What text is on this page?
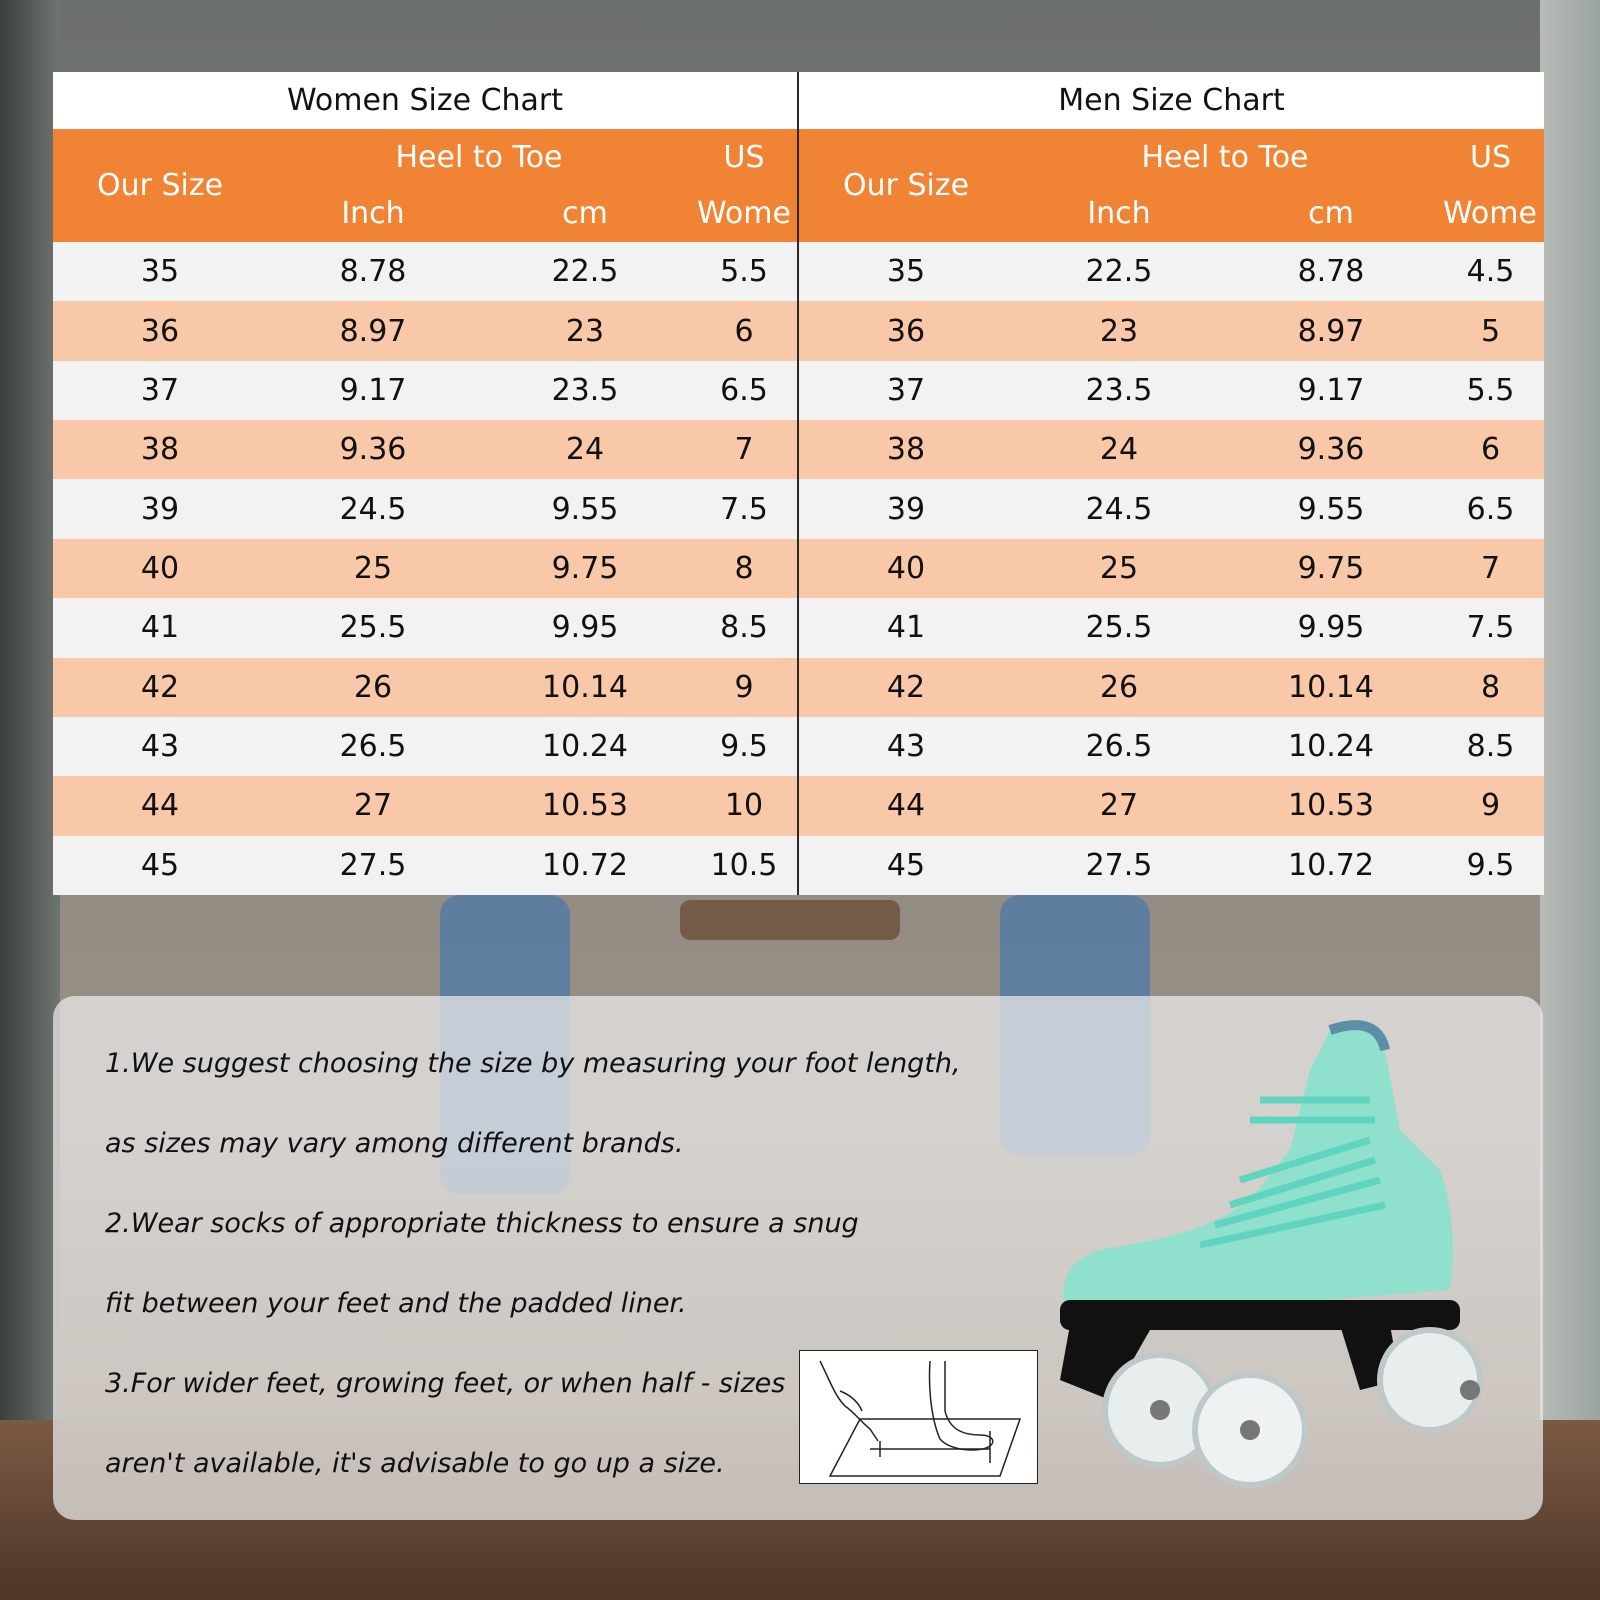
Women Size Chart			
Our Size	Heel to Toe		US
	Inch	cm	Wome
35	8.78	22.5	5.5
36	8.97	23	6
37	9.17	23.5	6.5
38	9.36	24	7
39	24.5	9.55	7.5
40	25	9.75	8
41	25.5	9.95	8.5
42	26	10.14	9
43	26.5	10.24	9.5
44	27	10.53	10
45	27.5	10.72	10.5
Men Size Chart			
Our Size	Heel to Toe		US
	Inch	cm	Wome
35	22.5	8.78	4.5
36	23	8.97	5
37	23.5	9.17	5.5
38	24	9.36	6
39	24.5	9.55	6.5
40	25	9.75	7
41	25.5	9.95	7.5
42	26	10.14	8
43	26.5	10.24	8.5
44	27	10.53	9
45	27.5	10.72	9.5
1.We suggest choosing the size by measuring your foot length,
as sizes may vary among different brands.
2.Wear socks of appropriate thickness to ensure a snug
fit between your feet and the padded liner.
3.For wider feet, growing feet, or when half - sizes
aren't available, it's advisable to go up a size.
